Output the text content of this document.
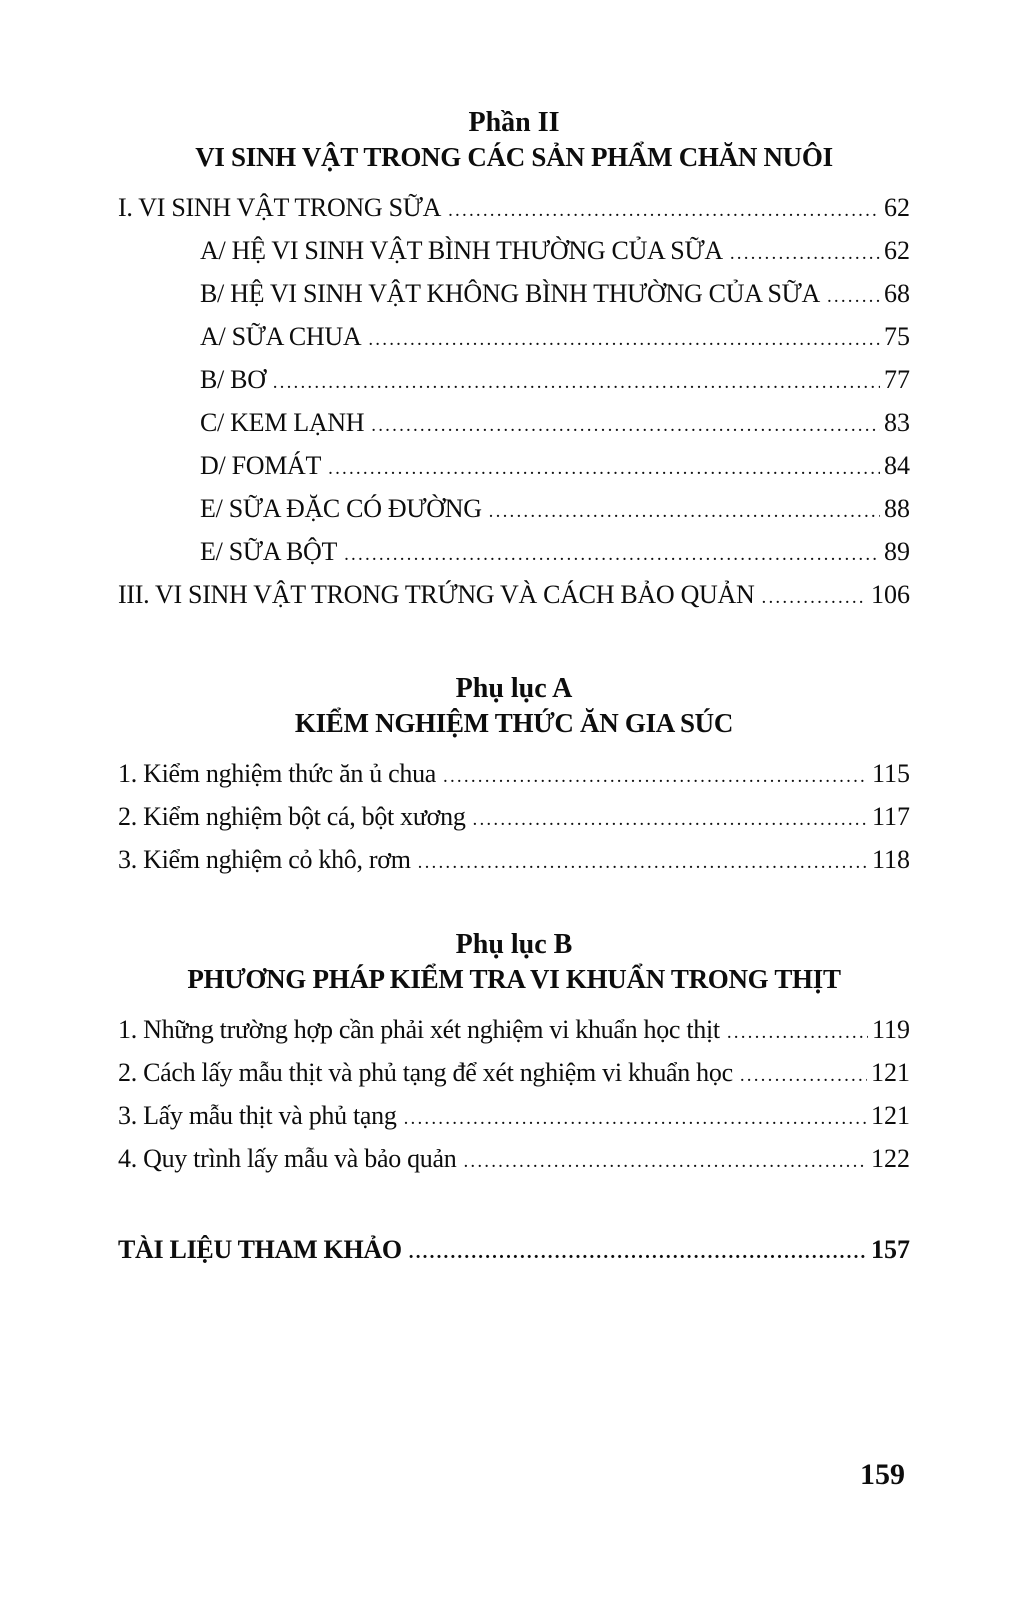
Phần II
VI SINH VẬT TRONG CÁC SẢN PHẨM CHĂN NUÔI
I. VI SINH VẬT TRONG SỮA .....	62
A/ HỆ VI SINH VẬT BÌNH THƯỜNG CỦA SỮA .....	62
B/ HỆ VI SINH VẬT KHÔNG BÌNH THƯỜNG CỦA SỮA ..... 68
A/ SỮA CHUA .....	75
B/ BƠ .....	77
C/ KEM LẠNH .....	83
D/ FOMÁT .....	84
E/ SỮA ĐẶC CÓ ĐƯỜNG .....	88
E/ SỮA BỘT .....	89
III. VI SINH VẬT TRONG TRỨNG VÀ CÁCH BẢO QUẢN .....	106
Phụ lục A
KIỂM NGHIỆM THỨC ĂN GIA SÚC
1. Kiểm nghiệm thức ăn ủ chua .....	115
2. Kiểm nghiệm bột cá, bột xương .....	117
3. Kiểm nghiệm cỏ khô, rơm .....	118
Phụ lục B
PHƯƠNG PHÁP KIỂM TRA VI KHUẨN TRONG THỊT
1. Những trường hợp cần phải xét nghiệm vi khuẩn học thịt .....	119
2. Cách lấy mẫu thịt và phủ tạng để xét nghiệm vi khuẩn học .....	121
3. Lấy mẫu thịt và phủ tạng .....	121
4. Quy trình lấy mẫu và bảo quản .....	122
TÀI LIỆU THAM KHẢO .....	157
159
